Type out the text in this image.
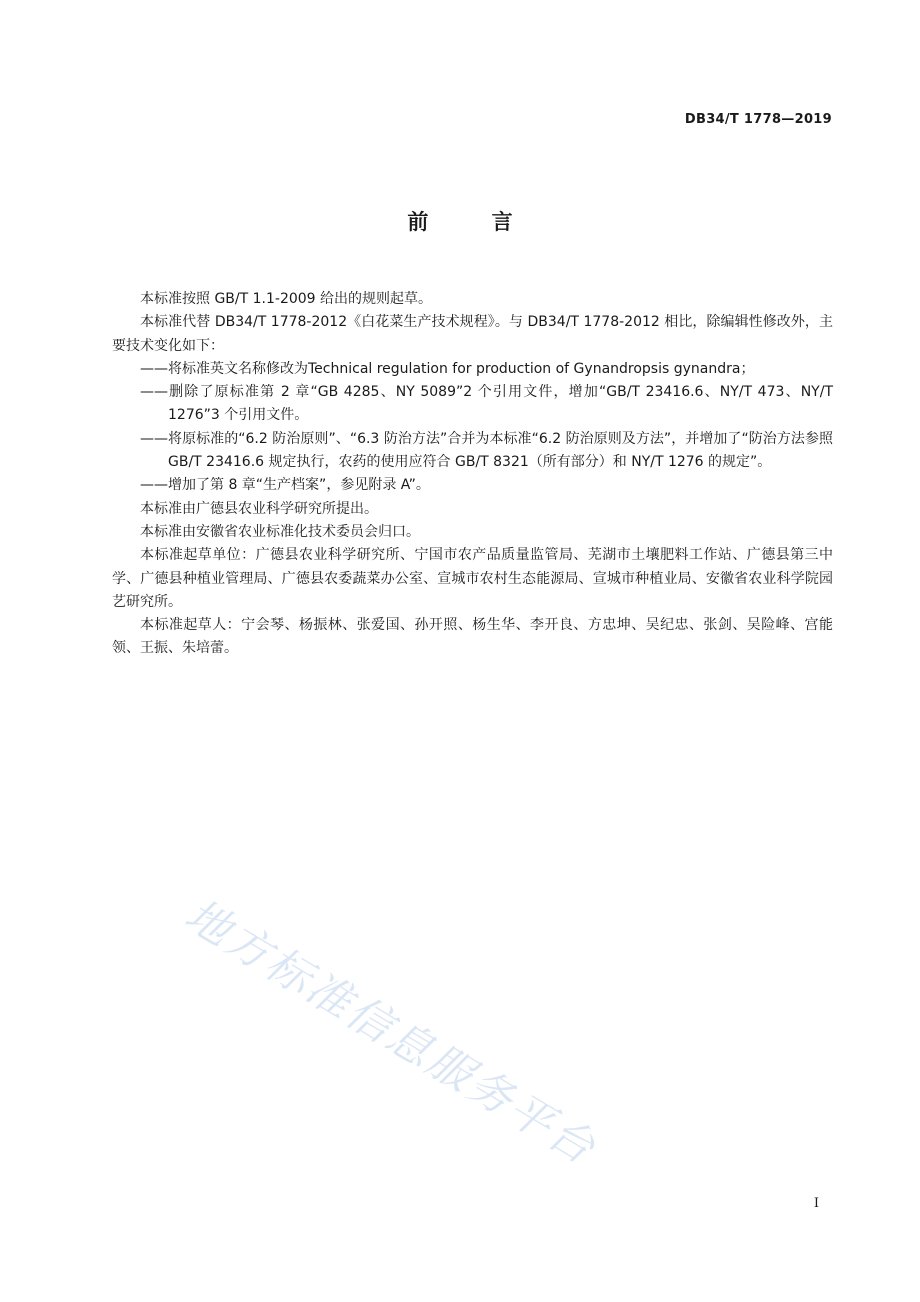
DB34/T 1778—2019
前 言

本标准按照 GB/T 1.1-2009 给出的规则起草。

本标准代替 DB34/T 1778-2012《白花菜生产技术规程》。与 DB34/T 1778-2012 相比，除编辑性修改外，主要技术变化如下：

——将标准英文名称修改为Technical regulation for production of Gynandropsis gynandra；

——删除了原标准第 2 章“GB 4285、NY 5089”2 个引用文件，增加“GB/T 23416.6、NY/T 473、NY/T 1276”3 个引用文件。

——将原标准的“6.2 防治原则”、“6.3 防治方法”合并为本标准“6.2 防治原则及方法”，并增加了“防治方法参照 GB/T 23416.6 规定执行，农药的使用应符合 GB/T 8321（所有部分）和 NY/T 1276 的规定”。

——增加了第 8 章“生产档案”，参见附录 A”。

本标准由广德县农业科学研究所提出。

本标准由安徽省农业标准化技术委员会归口。

本标准起草单位：广德县农业科学研究所、宁国市农产品质量监管局、芜湖市土壤肥料工作站、广德县第三中学、广德县种植业管理局、广德县农委蔬菜办公室、宣城市农村生态能源局、宣城市种植业局、安徽省农业科学院园艺研究所。

本标准起草人：宁会琴、杨振林、张爱国、孙开照、杨生华、李开良、方忠坤、吴纪忠、张剑、吴险峰、宫能领、王振、朱培蕾。

地方标准信息服务平台
I
